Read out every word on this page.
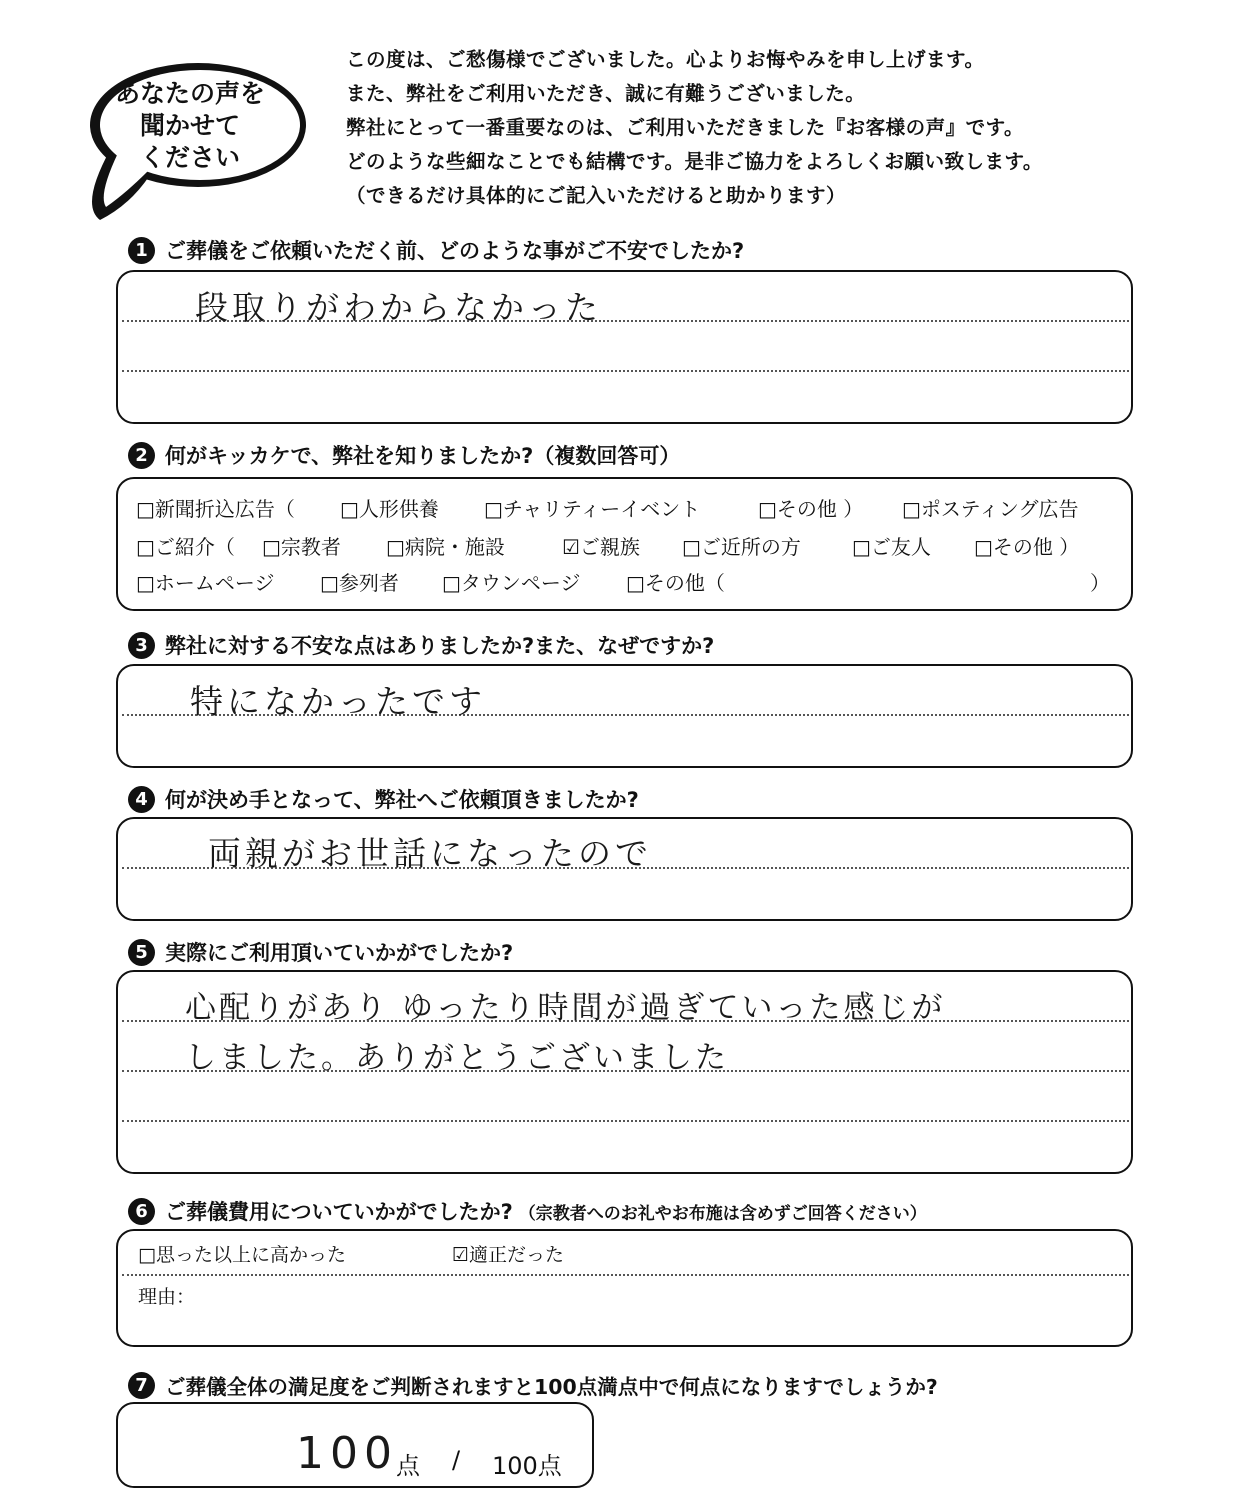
あなたの声を
聞かせて
ください
この度は、ご愁傷様でございました。心よりお悔やみを申し上げます。
また、弊社をご利用いただき、誠に有難うございました。
弊社にとって一番重要なのは、ご利用いただきました『お客様の声』です。
どのような些細なことでも結構です。是非ご協力をよろしくお願い致します。
（できるだけ具体的にご記入いただけると助かります）
1 ご葬儀をご依頼いただく前、どのような事がご不安でしたか?
段取りがわからなかった
2 何がキッカケで、弊社を知りましたか?（複数回答可）
□新聞折込広告（ □人形供養 □チャリティーイベント	□その他 ） □ポスティング広告
□ご紹介（ □宗教者 □病院・施設	☑ご親族 □ご近所の方	□ご友人 □その他 ）
□ホームページ □参列者 □タウンページ □その他（	）
3 弊社に対する不安な点はありましたか?また、なぜですか?
特になかったです
4 何が決め手となって、弊社へご依頼頂きましたか?
両親がお世話になったので
5 実際にご利用頂いていかがでしたか?
心配りがあり ゆったり時間が過ぎていった感じが
しました。ありがとうございました
6 ご葬儀費用についていかがでしたか? （宗教者へのお礼やお布施は含めずご回答ください）
□思った以上に高かった	☑適正だった
理由：
7 ご葬儀全体の満足度をご判断されますと100点満点中で何点になりますでしょうか?
100
点 / 100点
